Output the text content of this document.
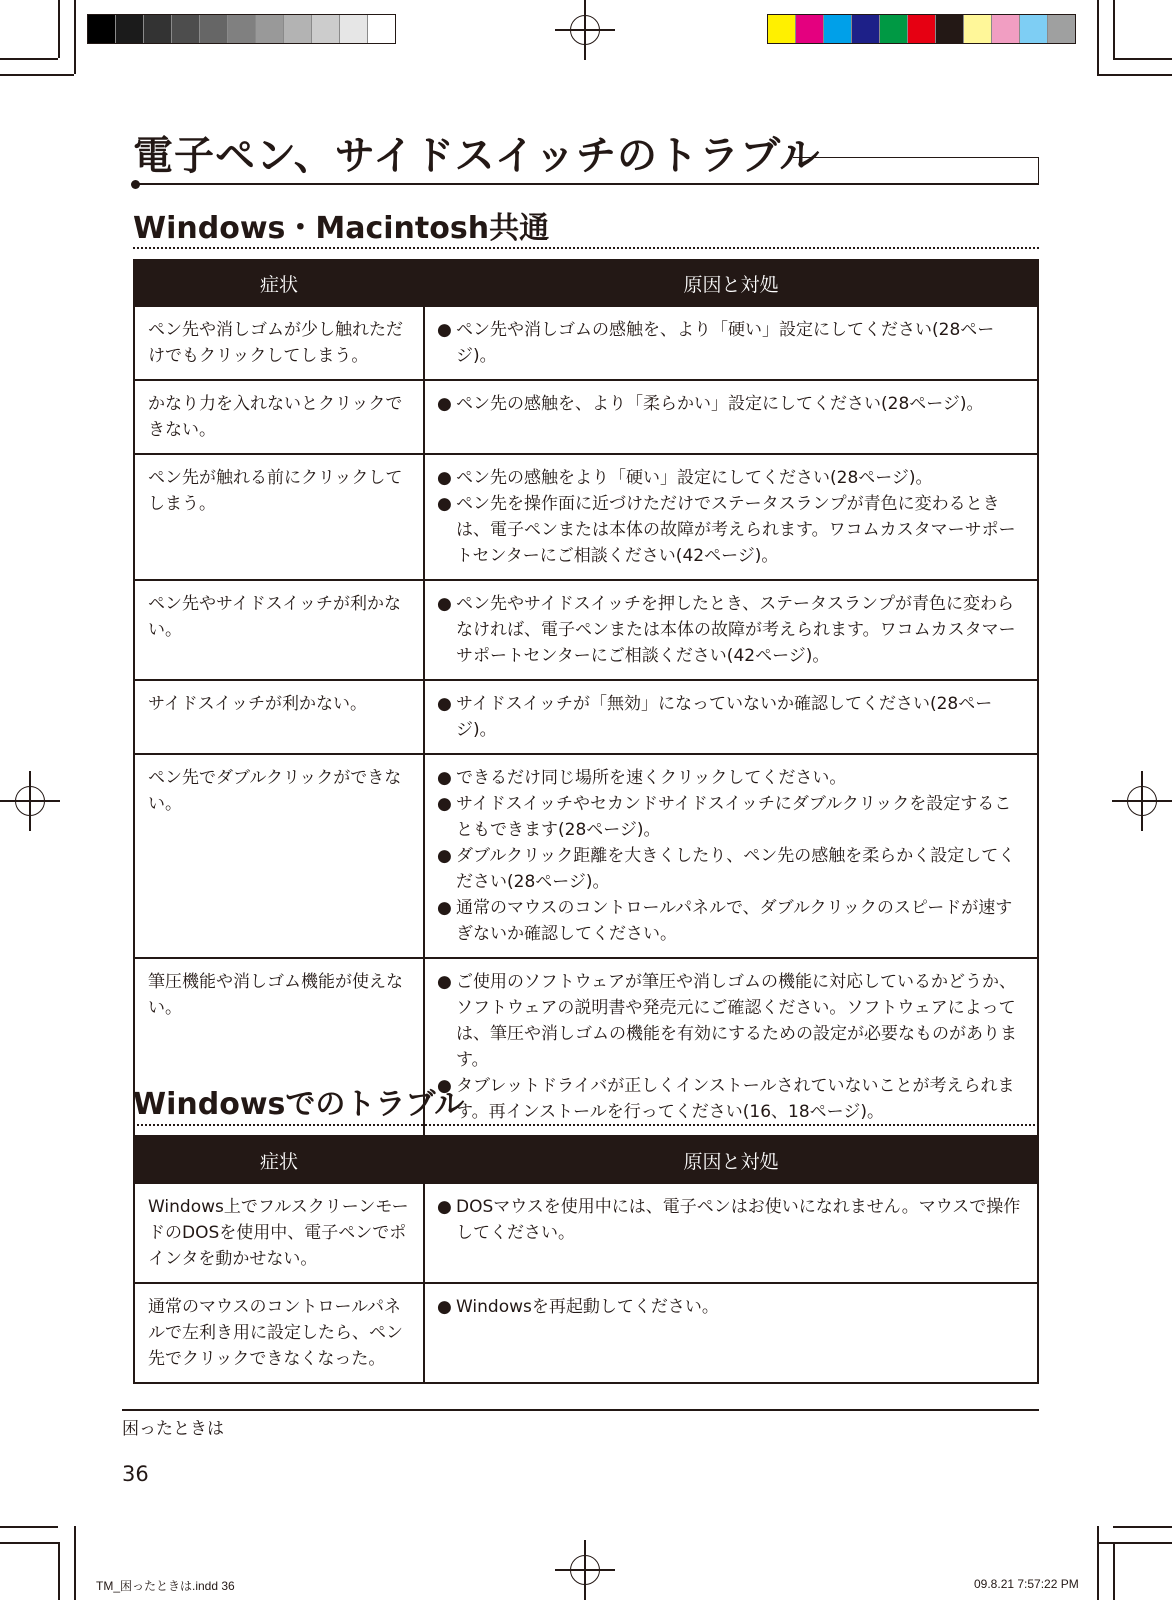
電子ペン、サイドスイッチのトラブル
Windows・Macintosh共通
症状	原因と対処
ペン先や消しゴムが少し触れただけでもクリックしてしまう。	● ペン先や消しゴムの感触を、より「硬い」設定にしてください(28ページ)。

かなり力を入れないとクリックできない。	● ペン先の感触を、より「柔らかい」設定にしてください(28ページ)。

ペン先が触れる前にクリックしてしまう。	● ペン先の感触をより「硬い」設定にしてください(28ページ)。

● ペン先を操作面に近づけただけでステータスランプが青色に変わるときは、電子ペンまたは本体の故障が考えられます。ワコムカスタマーサポートセンターにご相談ください(42ページ)。

ペン先やサイドスイッチが利かない。	● ペン先やサイドスイッチを押したとき、ステータスランプが青色に変わらなければ、電子ペンまたは本体の故障が考えられます。ワコムカスタマーサポートセンターにご相談ください(42ページ)。

サイドスイッチが利かない。	● サイドスイッチが「無効」になっていないか確認してください(28ページ)。

ペン先でダブルクリックができない。	● できるだけ同じ場所を速くクリックしてください。

● サイドスイッチやセカンドサイドスイッチにダブルクリックを設定することもできます(28ページ)。

● ダブルクリック距離を大きくしたり、ペン先の感触を柔らかく設定してください(28ページ)。

● 通常のマウスのコントロールパネルで、ダブルクリックのスピードが速すぎないか確認してください。

筆圧機能や消しゴム機能が使えない。	● ご使用のソフトウェアが筆圧や消しゴムの機能に対応しているかどうか、ソフトウェアの説明書や発売元にご確認ください。ソフトウェアによっては、筆圧や消しゴムの機能を有効にするための設定が必要なものがあります。

● タブレットドライバが正しくインストールされていないことが考えられます。再インストールを行ってください(16、18ページ)。

Windowsでのトラブル
症状	原因と対処
Windows上でフルスクリーンモードのDOSを使用中、電子ペンでポインタを動かせない。	● DOSマウスを使用中には、電子ペンはお使いになれません。マウスで操作してください。

通常のマウスのコントロールパネルで左利き用に設定したら、ペン先でクリックできなくなった。	● Windowsを再起動してください。

困ったときは
36
TM_困ったときは.indd 36	09.8.21 7:57:22 PM
